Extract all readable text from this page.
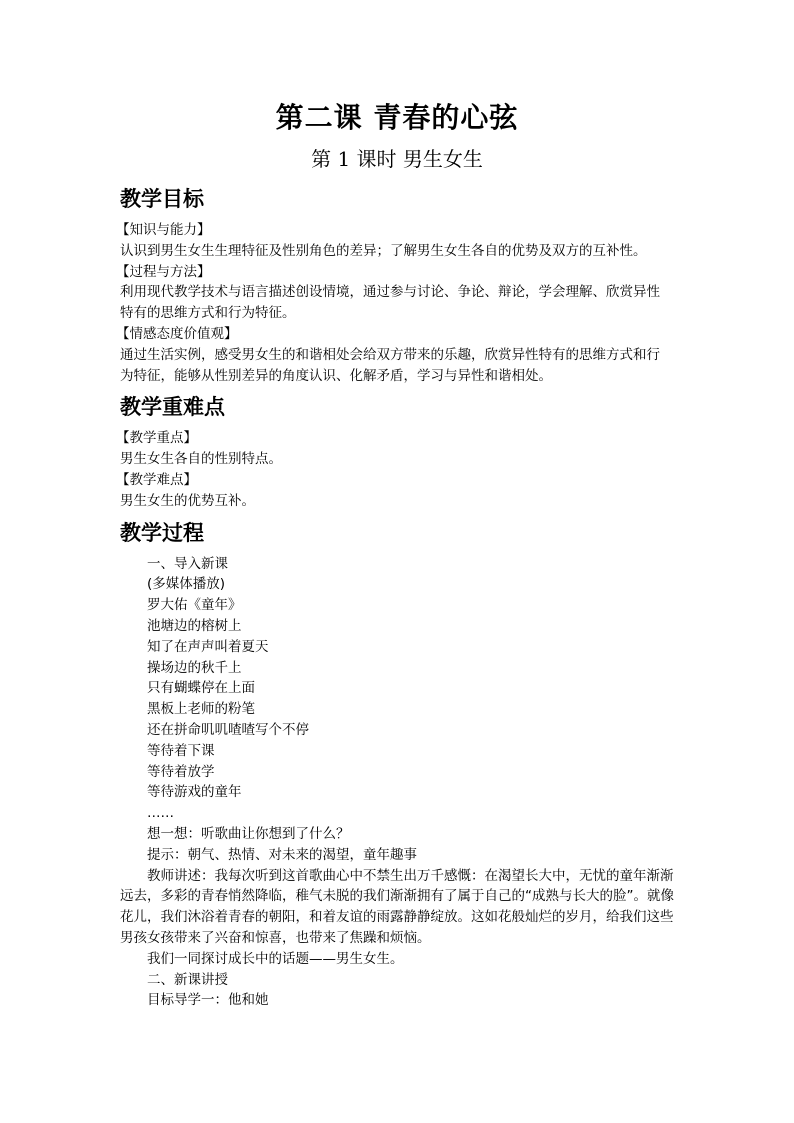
第二课 青春的心弦
第 1 课时 男生女生
教学目标

【知识与能力】

认识到男生女生生理特征及性别角色的差异；了解男生女生各自的优势及双方的互补性。

【过程与方法】

利用现代教学技术与语言描述创设情境，通过参与讨论、争论、辩论，学会理解、欣赏异性

特有的思维方式和行为特征。

【情感态度价值观】

通过生活实例，感受男女生的和谐相处会给双方带来的乐趣，欣赏异性特有的思维方式和行

为特征，能够从性别差异的角度认识、化解矛盾，学习与异性和谐相处。

教学重难点

【教学重点】

男生女生各自的性别特点。

【教学难点】

男生女生的优势互补。

教学过程

一、导入新课

(多媒体播放)

罗大佑《童年》

池塘边的榕树上

知了在声声叫着夏天

操场边的秋千上

只有蝴蝶停在上面

黑板上老师的粉笔

还在拼命叽叽喳喳写个不停

等待着下课

等待着放学

等待游戏的童年

……

想一想：听歌曲让你想到了什么？

提示：朝气、热情、对未来的渴望，童年趣事

教师讲述：我每次听到这首歌曲心中不禁生出万千感慨：在渴望长大中，无忧的童年渐渐远去，多彩的青春悄然降临，稚气未脱的我们渐渐拥有了属于自己的“成熟与长大的脸”。就像花儿，我们沐浴着青春的朝阳，和着友谊的雨露静静绽放。这如花般灿烂的岁月，给我们这些男孩女孩带来了兴奋和惊喜，也带来了焦躁和烦恼。

我们一同探讨成长中的话题——男生女生。

二、新课讲授

目标导学一：他和她
